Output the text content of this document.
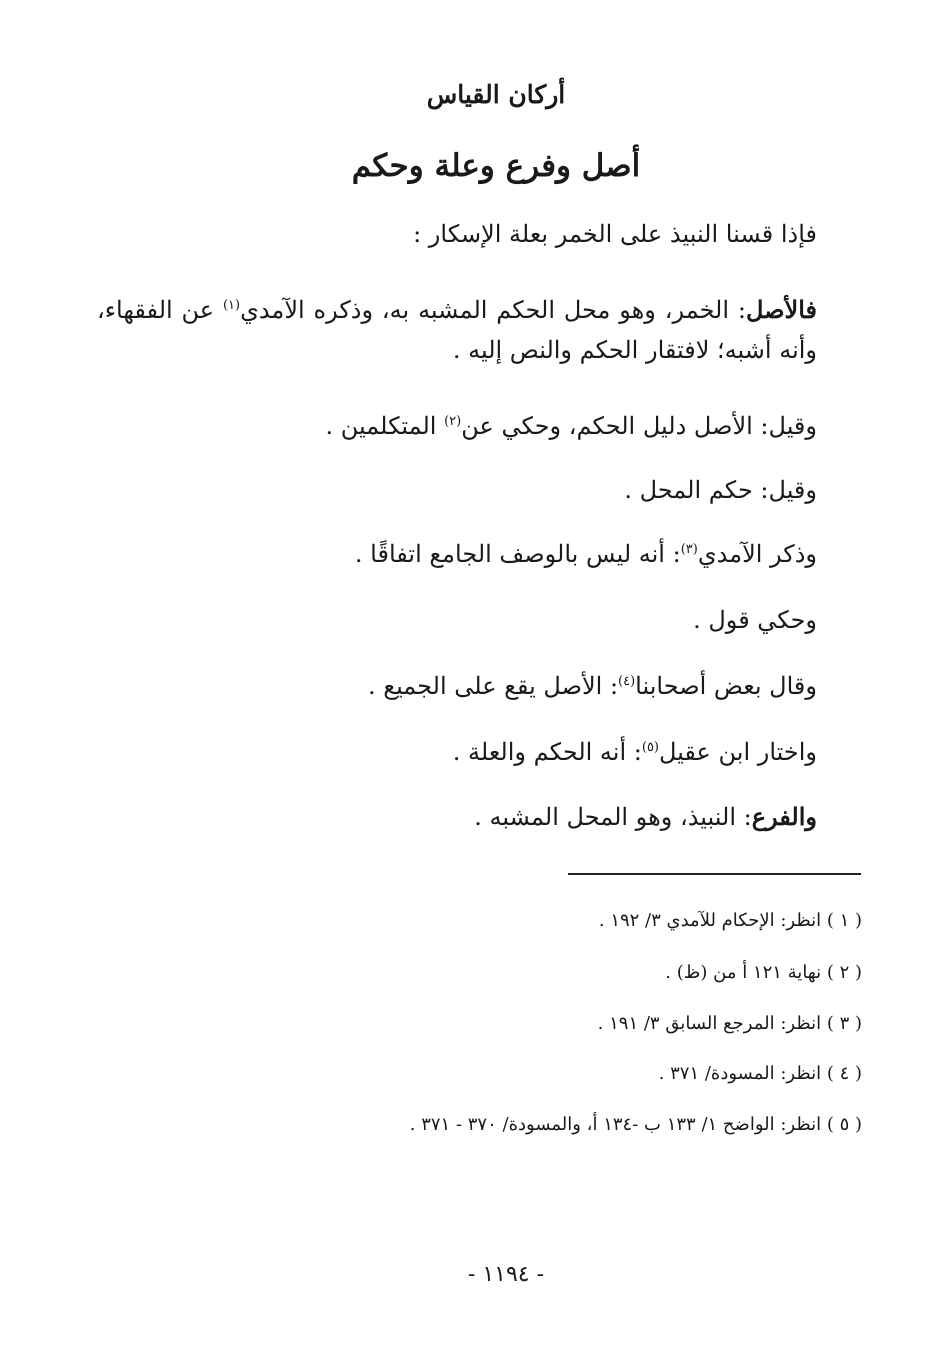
أركان القياس
أصل وفرع وعلة وحكم
فإذا قسنا النبيذ على الخمر بعلة الإسكار :
فالأصل: الخمر، وهو محل الحكم المشبه به، وذكره الآمدي$^{(١)}$ عن الفقهاء، وأنه أشبه؛ لافتقار الحكم والنص إليه .
وقيل: الأصل دليل الحكم، وحكي عن$^{(٢)}$ المتكلمين .
وقيل: حكم المحل .
وذكر الآمدي$^{(٣)}$: أنه ليس بالوصف الجامع اتفاقًا .
وحكي قول .
وقال بعض أصحابنا$^{(٤)}$: الأصل يقع على الجميع .
واختار ابن عقيل$^{(٥)}$: أنه الحكم والعلة .
والفرع: النبيذ، وهو المحل المشبه .
( ١ ) انظر: الإحكام للآمدي ٣/ ١٩٢ .
( ٢ ) نهاية ١٢١ أ من (ظ) .
( ٣ ) انظر: المرجع السابق ٣/ ١٩١ .
( ٤ ) انظر: المسودة/ ٣٧١ .
( ٥ ) انظر: الواضح ١/ ١٣٣ ب -١٣٤ أ، والمسودة/ ٣٧٠ - ٣٧١ .
- ١١٩٤ -
